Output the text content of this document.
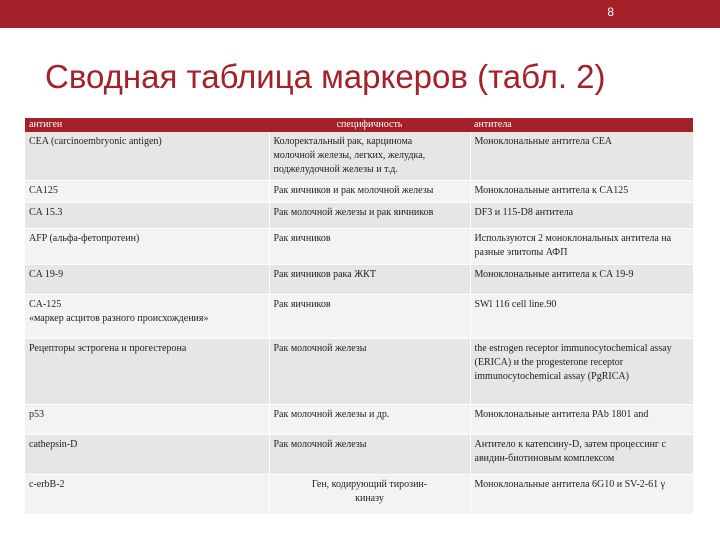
8
Сводная таблица маркеров (табл. 2)
антиген	специфичность	антитела
CEA (carcinoembryonic antigen)	Колоректальный рак, карцинома
молочной железы, легких, желудка,
поджелудочной железы и т.д.	Моноклональные антитела CEA
CA125	Рак яичников и рак молочной железы	Моноклональные антитела к CA125
CA 15.3	Рак молочной железы и рак яичников	DF3 и 115-D8 антитела
AFP (альфа-фетопротеин)	Рак яичников	Используются 2 моноклональных антитела на
разные эпитопы АФП
CA 19-9	Рак яичников рака ЖКТ	Моноклональные антитела к CA 19-9
CA-125
«маркер асцитов разного происхождения»	Рак яичников	SWl 116 cell line.90
Рецепторы эстрогена и прогестерона	Рак молочной железы	the estrogen receptor immunocytochemical assay
(ERICA) и the progesterone receptor
immunocytochemical assay (PgRICA)
p53	Рак молочной железы и др.	Моноклональные антитела PAb 1801 and
cathepsin-D	Рак молочной железы	Антитело к катепсину-D, затем процессинг с
авидин-биотиновым комплексом
c-erbB-2	Ген, кодирующий тирозин-
киназу	Моноклональные антитела 6G10 и SV-2-61 γ
